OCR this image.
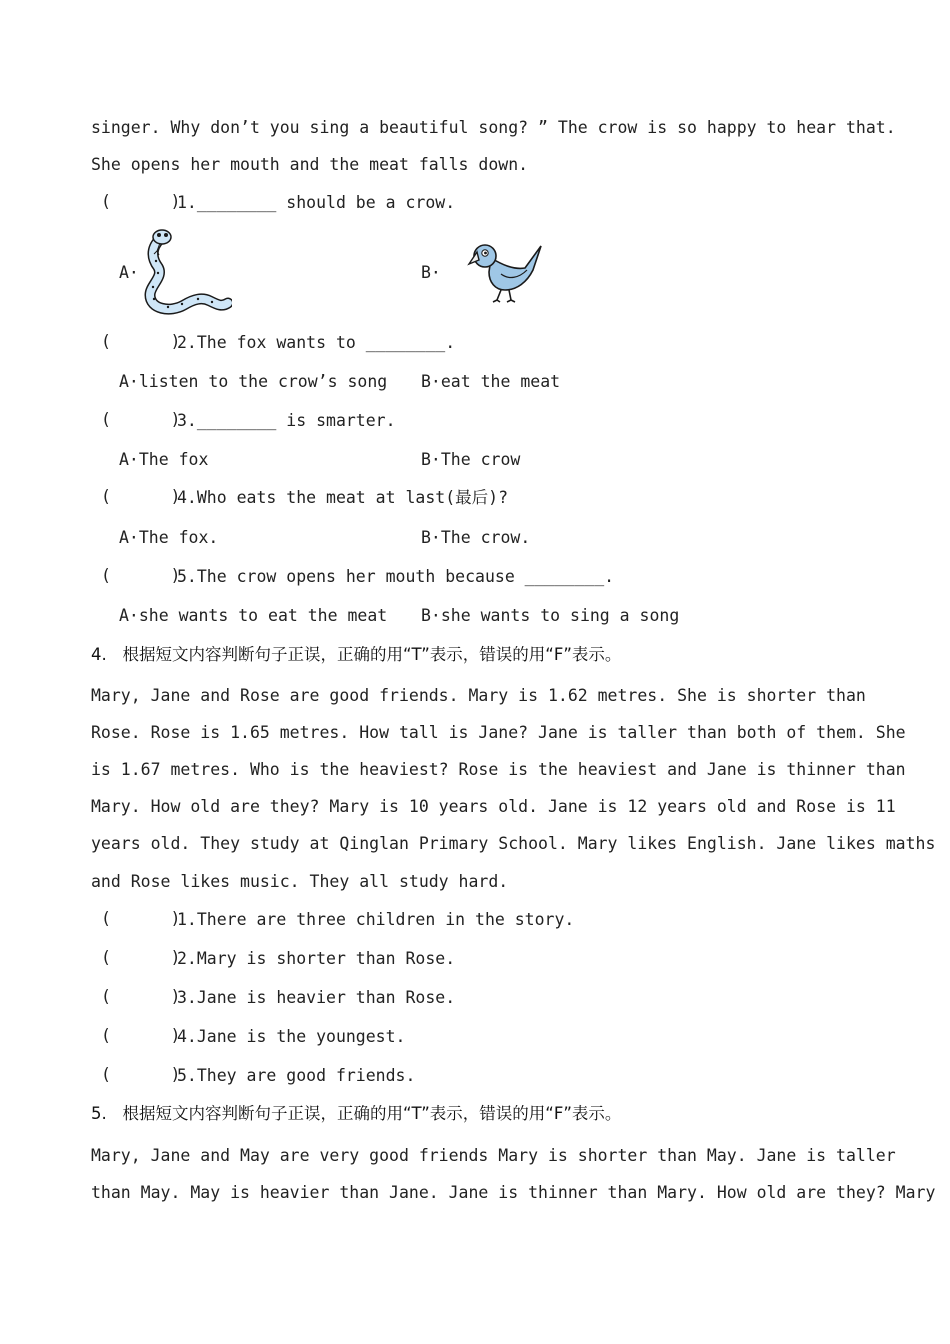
singer. Why don’t you sing a beautiful song? ” The crow is so happy to hear that.
She opens her mouth and the meat falls down.
(      )
1.________ should be a crow.
A·	B·
(      )
2.The fox wants to ________.
A·listen to the crow’s song B·eat the meat
(      )
3.________ is smarter.
A·The fox	B·The crow
(      )
4.Who eats the meat at last(最后)?
A·The fox.	B·The crow.
(      )
5.The crow opens her mouth because ________.
A·she wants to eat the meat B·she wants to sing a song
4.   根据短文内容判断句子正误，正确的用“T”表示，错误的用“F”表示。
Mary, Jane and Rose are good friends. Mary is 1.62 metres. She is shorter than
Rose. Rose is 1.65 metres. How tall is Jane? Jane is taller than both of them. She
is 1.67 metres. Who is the heaviest? Rose is the heaviest and Jane is thinner than
Mary. How old are they? Mary is 10 years old. Jane is 12 years old and Rose is 11
years old. They study at Qinglan Primary School. Mary likes English. Jane likes maths
and Rose likes music. They all study hard.
(      )
1.There are three children in the story.
(      )
2.Mary is shorter than Rose.
(      )
3.Jane is heavier than Rose.
(      )
4.Jane is the youngest.
(      )
5.They are good friends.
5.   根据短文内容判断句子正误，正确的用“T”表示，错误的用“F”表示。
Mary, Jane and May are very good friends Mary is shorter than May. Jane is taller
than May. May is heavier than Jane. Jane is thinner than Mary. How old are they? Mary
